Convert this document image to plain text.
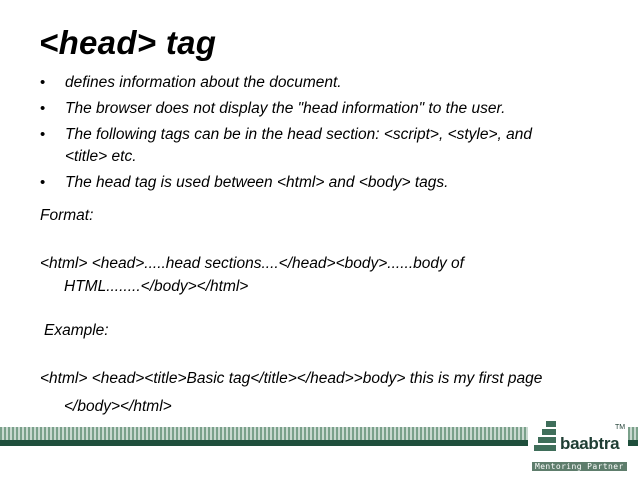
<head> tag
• defines information about the document.
• The browser does not display the "head information" to the user.
• The following tags can be in the head section: <script>, <style>, and
<title> etc.
• The head tag is used between <html> and <body> tags.
Format:
<html> <head>.....head sections....</head><body>......body of
HTML........</body></html>
Example:
<html> <head><title>Basic tag</title></head>>body> this is my first page
</body></html>
baabtra
TM
Mentoring Partner
